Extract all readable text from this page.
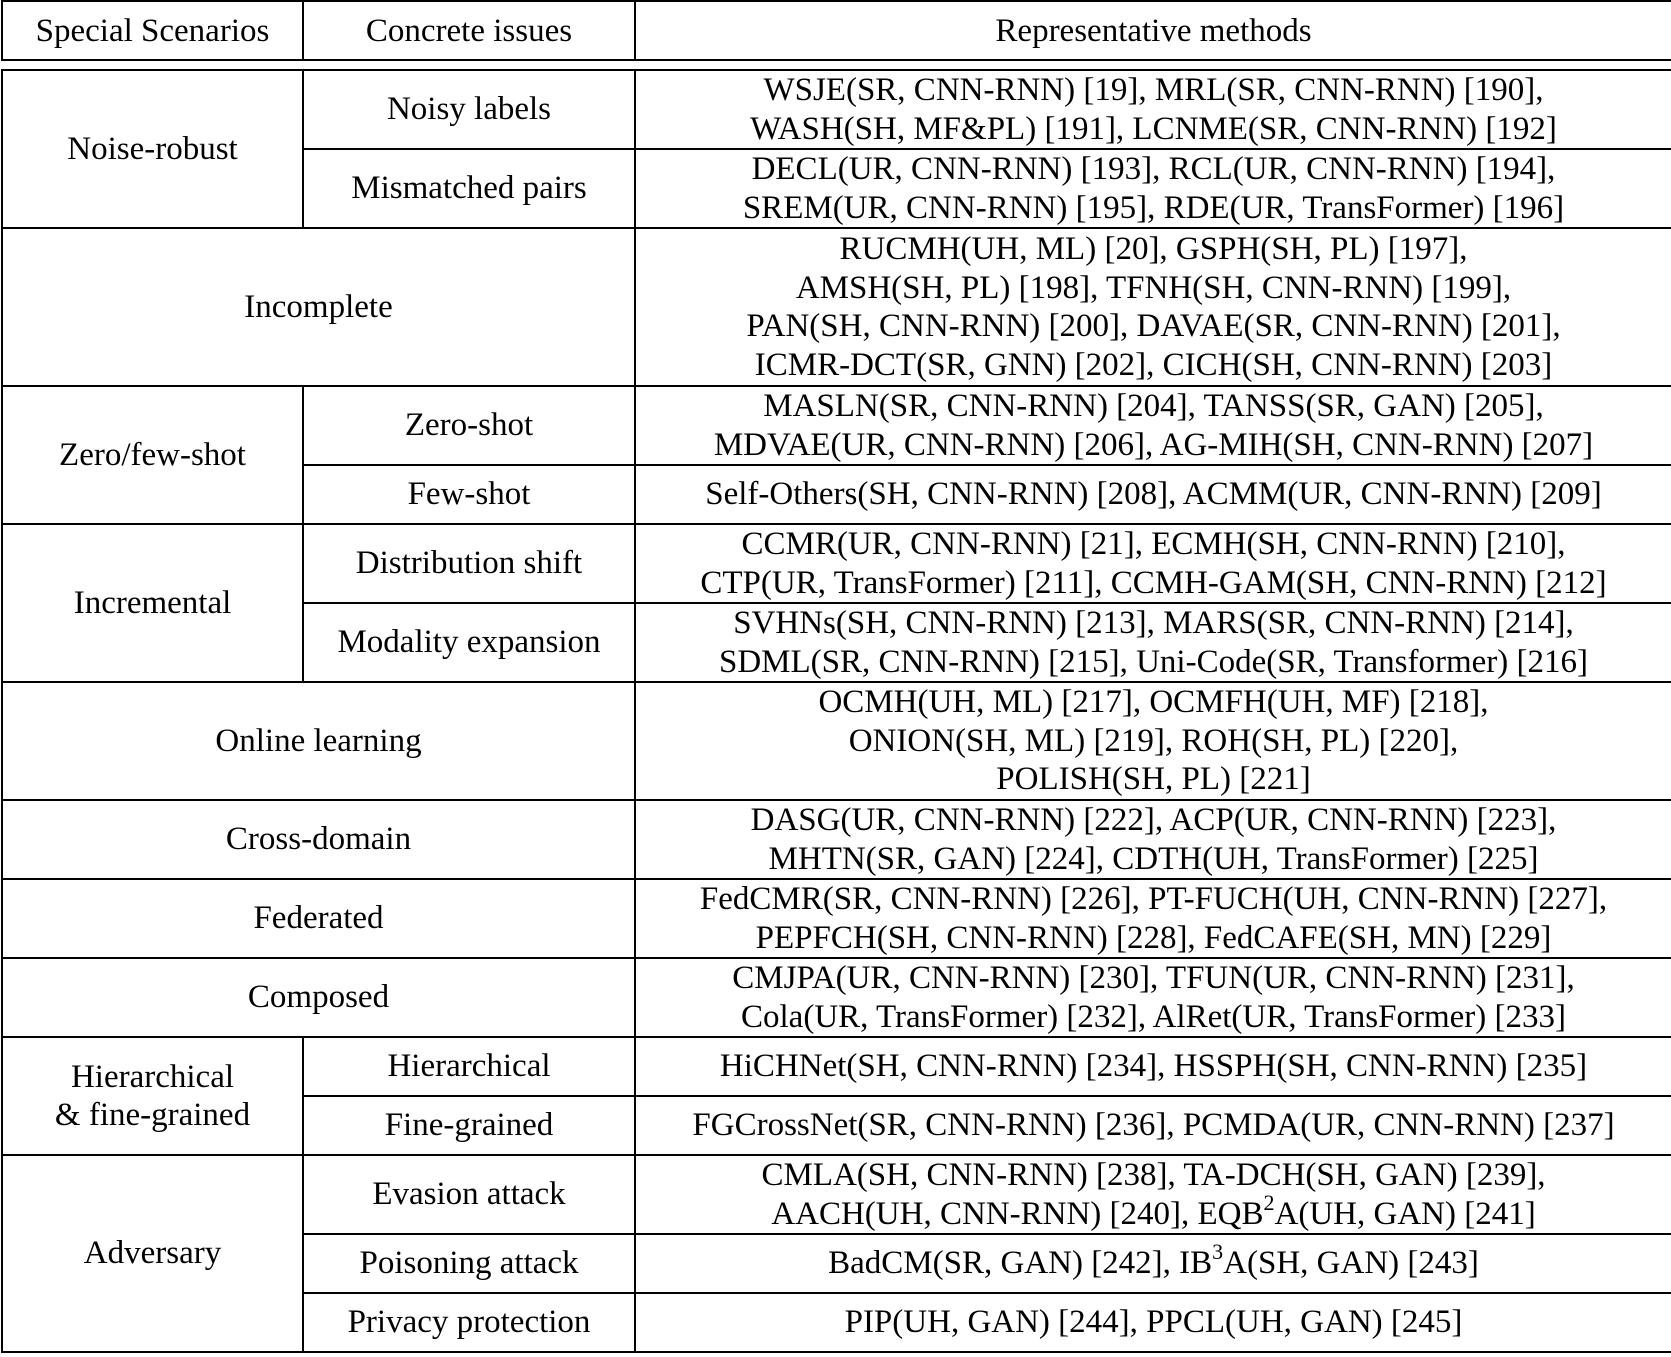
Special Scenarios	Concrete issues	Representative methods
Noise-robust	Noisy labels	WSJE(SR, CNN-RNN) [19], MRL(SR, CNN-RNN) [190],
WASH(SH, MF&PL) [191], LCNME(SR, CNN-RNN) [192]

	Mismatched pairs	DECL(UR, CNN-RNN) [193], RCL(UR, CNN-RNN) [194],
SREM(UR, CNN-RNN) [195], RDE(UR, TransFormer) [196]

Incomplete		RUCMH(UH, ML) [20], GSPH(SH, PL) [197],
AMSH(SH, PL) [198], TFNH(SH, CNN-RNN) [199],
PAN(SH, CNN-RNN) [200], DAVAE(SR, CNN-RNN) [201],
ICMR-DCT(SR, GNN) [202], CICH(SH, CNN-RNN) [203]

Zero/few-shot	Zero-shot	MASLN(SR, CNN-RNN) [204], TANSS(SR, GAN) [205],
MDVAE(UR, CNN-RNN) [206], AG-MIH(SH, CNN-RNN) [207]

	Few-shot	Self-Others(SH, CNN-RNN) [208], ACMM(UR, CNN-RNN) [209]
Incremental	Distribution shift	CCMR(UR, CNN-RNN) [21], ECMH(SH, CNN-RNN) [210],
CTP(UR, TransFormer) [211], CCMH-GAM(SH, CNN-RNN) [212]

	Modality expansion	SVHNs(SH, CNN-RNN) [213], MARS(SR, CNN-RNN) [214],
SDML(SR, CNN-RNN) [215], Uni-Code(SR, Transformer) [216]

Online learning		OCMH(UH, ML) [217], OCMFH(UH, MF) [218],
ONION(SH, ML) [219], ROH(SH, PL) [220],
POLISH(SH, PL) [221]

Cross-domain		DASG(UR, CNN-RNN) [222], ACP(UR, CNN-RNN) [223],
MHTN(SR, GAN) [224], CDTH(UH, TransFormer) [225]

Federated		FedCMR(SR, CNN-RNN) [226], PT-FUCH(UH, CNN-RNN) [227],
PEPFCH(SH, CNN-RNN) [228], FedCAFE(SH, MN) [229]

Composed		CMJPA(UR, CNN-RNN) [230], TFUN(UR, CNN-RNN) [231],
Cola(UR, TransFormer) [232], AlRet(UR, TransFormer) [233]

Hierarchical
& fine-grained	Hierarchical	HiCHNet(SH, CNN-RNN) [234], HSSPH(SH, CNN-RNN) [235]
	Fine-grained	FGCrossNet(SR, CNN-RNN) [236], PCMDA(UR, CNN-RNN) [237]
Adversary	Evasion attack	CMLA(SH, CNN-RNN) [238], TA-DCH(SH, GAN) [239],
AACH(UH, CNN-RNN) [240], EQB$^2$A(UH, GAN) [241]

	Poisoning attack	BadCM(SR, GAN) [242], $IB^3A(SH$, GAN) [243]
	Privacy protection	PIP(UH, GAN) [244], PPCL(UH, GAN) [245]
